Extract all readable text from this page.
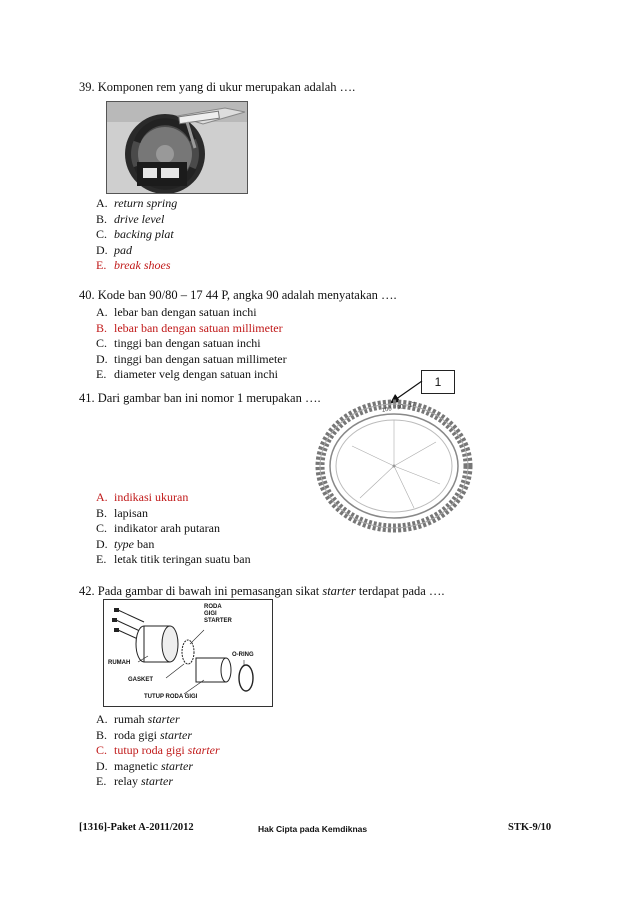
39. Komponen rem yang di ukur merupakan adalah ….
A. return spring
B. drive level
C. backing plat
D. pad
E. break shoes
40. Kode ban 90/80 – 17 44 P, angka 90 adalah menyatakan ….
A. lebar ban dengan satuan inchi
B. lebar ban dengan satuan millimeter
C. tinggi ban dengan satuan inchi
D. tinggi ban dengan satuan millimeter
E. diameter velg dengan satuan inchi
41. Dari gambar ban ini nomor 1 merupakan ….
1
100 · 90 · 17
A. indikasi ukuran
B. lapisan
C. indikator arah putaran
D. type ban
E. letak titik teringan suatu ban
42. Pada gambar di bawah ini pemasangan sikat starter terdapat pada ….
RODA
GIGI
STARTER
RUMAH
O-RING
GASKET
TUTUP RODA GIGI
A. rumah starter
B. roda gigi starter
C. tutup roda gigi starter
D. magnetic starter
E. relay starter
[1316]-Paket A-2011/2012	Hak Cipta pada Kemdiknas	STK-9/10
